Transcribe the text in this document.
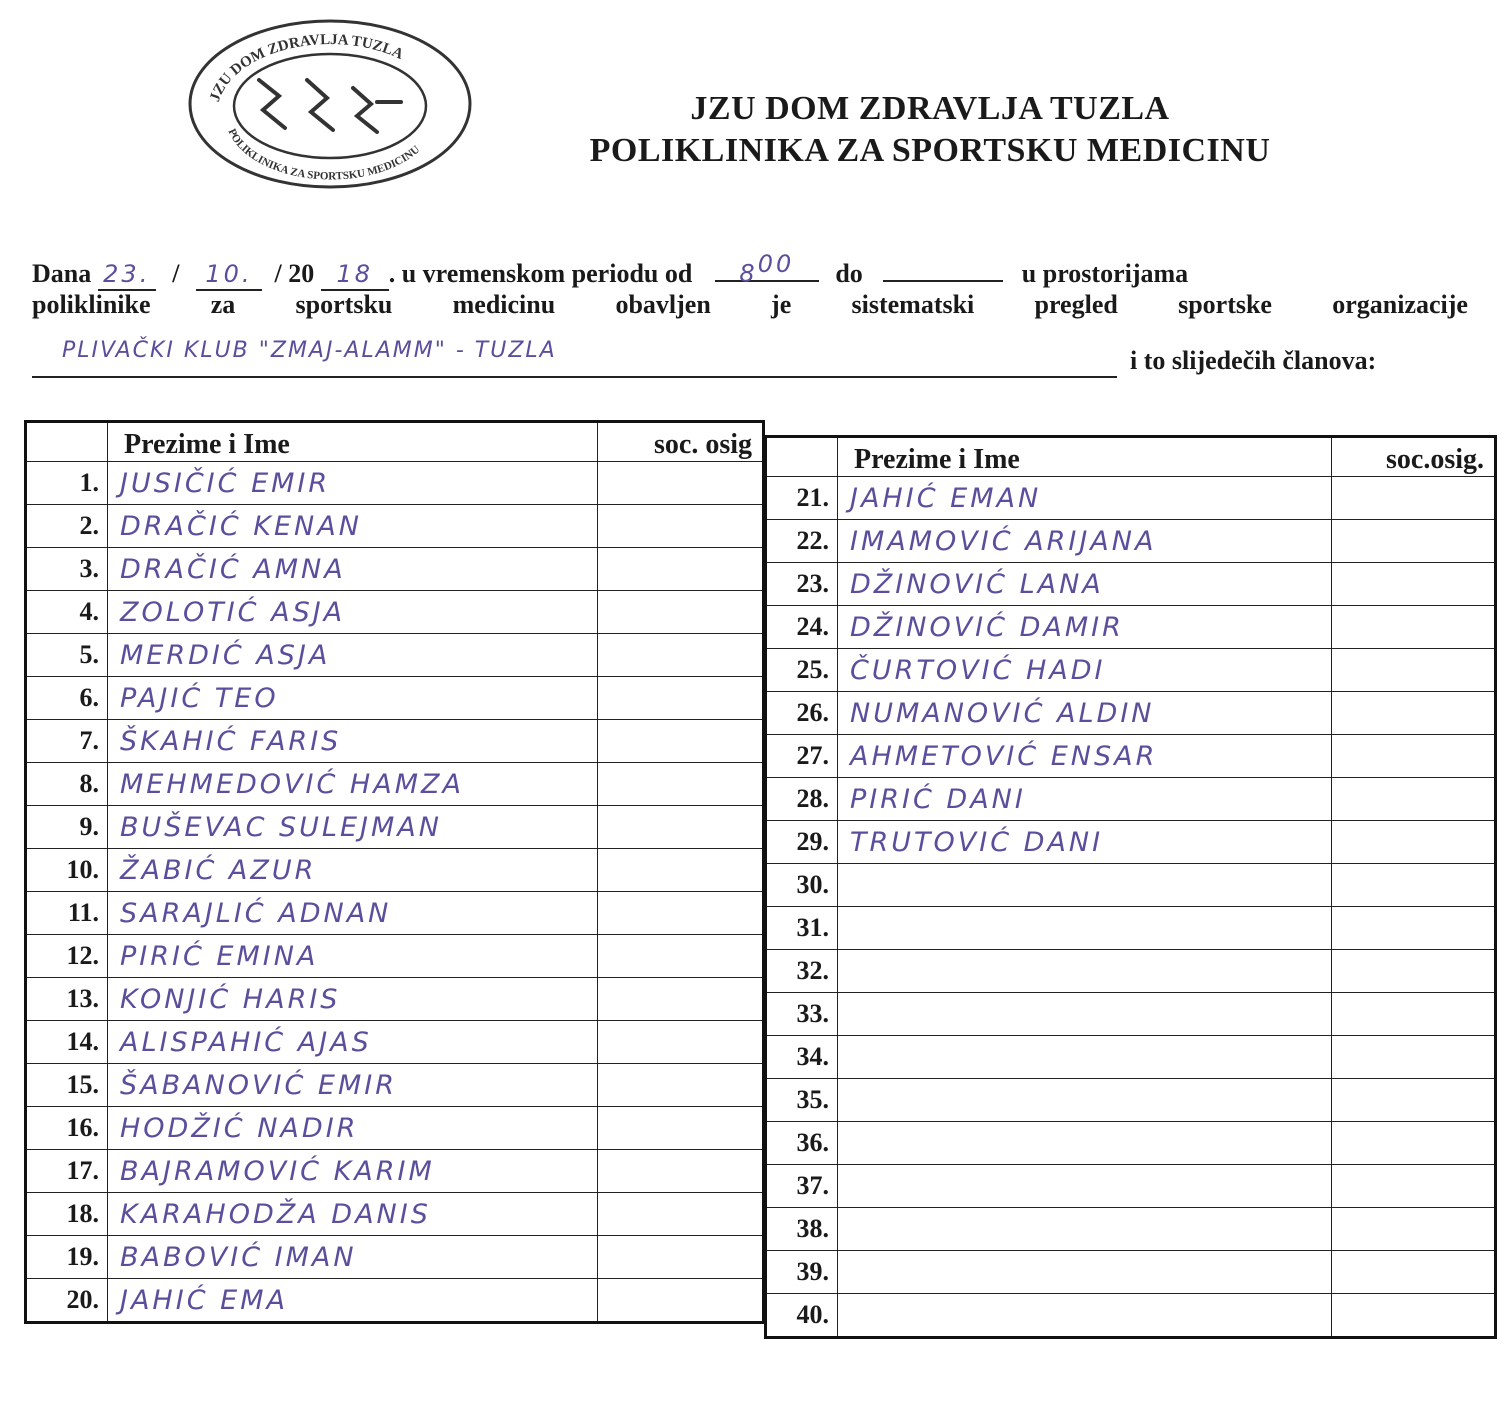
JZU DOM ZDRAVLJA TUZLA
POLIKLINIKA ZA SPORTSKU MEDICINU
JZU DOM ZDRAVLJA TUZLA
POLIKLINIKA ZA SPORTSKU MEDICINU
Dana 23. / 10. / 20 18 . u vremenskom periodu od $8^{00}$ do	u prostorijama
poliklinike za sportsku medicinu obavljen je sistematski pregled sportske organizacije
PLIVAČKI KLUB "ZMAJ-ALAMM" - TUZLA	i to slijedečih članova:
	Prezime i Ime	soc. osig
1.	JUSIČIĆ EMIR	
2.	DRAČIĆ KENAN	
3.	DRAČIĆ AMNA	
4.	ZOLOTIĆ ASJA	
5.	MERDIĆ ASJA	
6.	PAJIĆ TEO	
7.	ŠKAHIĆ FARIS	
8.	MEHMEDOVIĆ HAMZA	
9.	BUŠEVAC SULEJMAN	
10.	ŽABIĆ AZUR	
11.	SARAJLIĆ ADNAN	
12.	PIRIĆ EMINA	
13.	KONJIĆ HARIS	
14.	ALISPAHIĆ AJAS	
15.	ŠABANOVIĆ EMIR	
16.	HODŽIĆ NADIR	
17.	BAJRAMOVIĆ KARIM	
18.	KARAHODŽA DANIS	
19.	BABOVIĆ IMAN	
20.	JAHIĆ EMA	
	Prezime i Ime	soc.osig.
21.	JAHIĆ EMAN	
22.	IMAMOVIĆ ARIJANA	
23.	DŽINOVIĆ LANA	
24.	DŽINOVIĆ DAMIR	
25.	ČURTOVIĆ HADI	
26.	NUMANOVIĆ ALDIN	
27.	AHMETOVIĆ ENSAR	
28.	PIRIĆ DANI	
29.	TRUTOVIĆ DANI	
30.		
31.		
32.		
33.		
34.		
35.		
36.		
37.		
38.		
39.		
40.		
